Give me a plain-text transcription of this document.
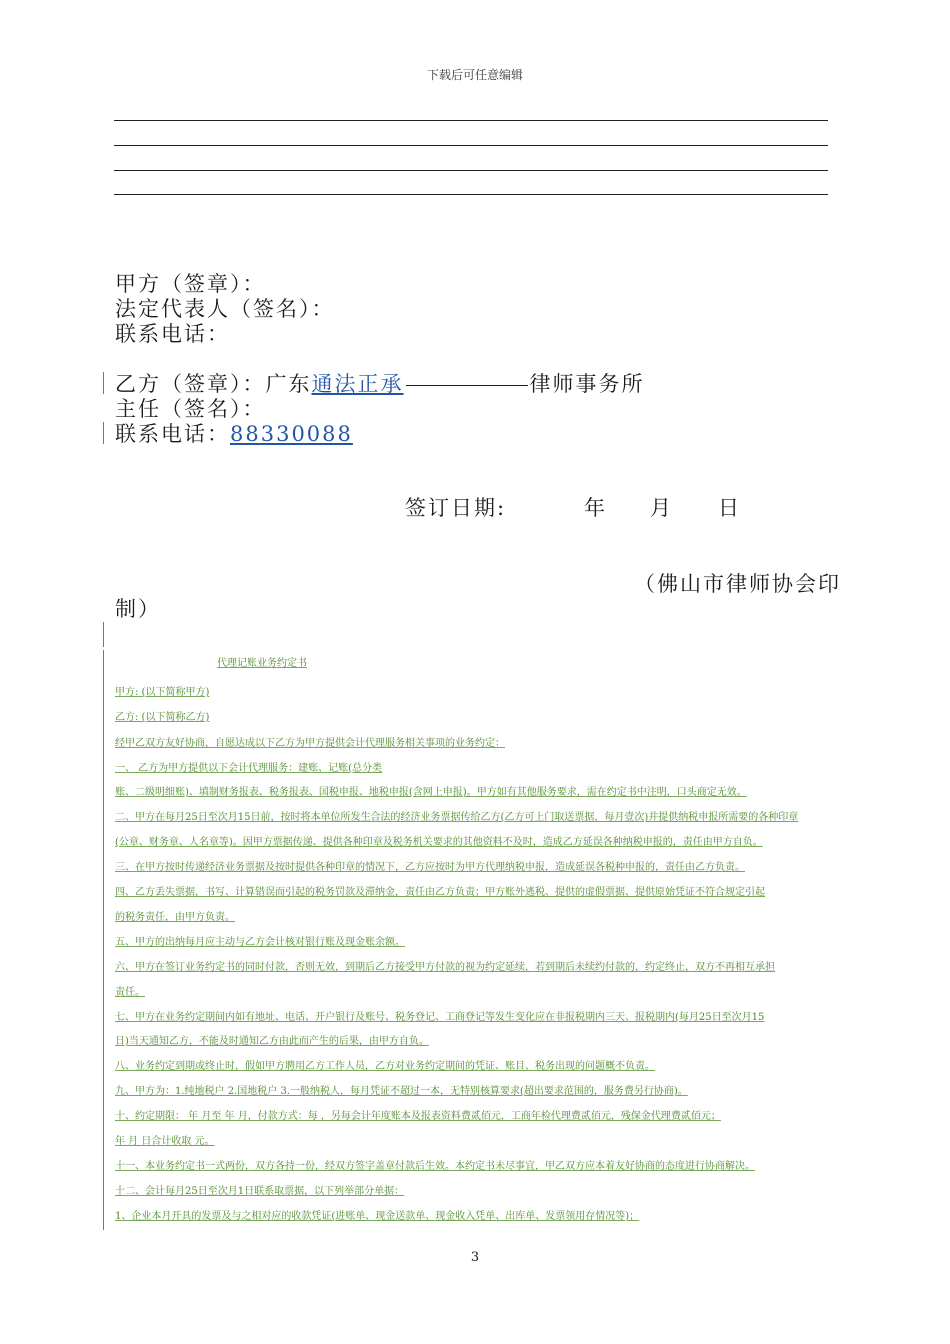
下载后可任意编辑
甲方（签章）：
法定代表人（签名）：
联系电话：
乙方（签章）：广东通法正承	律师事务所
主任（签名）：
联系电话：88330088
签订日期:	年 月 日
（佛山市律师协会印
制）
代理记账业务约定书
甲方: (以下简称甲方)
乙方: (以下简称乙方)
经甲乙双方友好协商，自愿达成以下乙方为甲方提供会计代理服务相关事项的业务约定：
一、 乙方为甲方提供以下会计代理服务：建账、记账(总分类
账、二级明细账)、填制财务报表、税务报表、国税申报、地税申报(含网上申报)。甲方如有其他服务要求，需在约定书中注明，口头商定无效。
二、甲方在每月25日至次月15日前，按时将本单位所发生合法的经济业务票据传给乙方(乙方可上门取送票据，每月壹次)并提供纳税申报所需要的各种印章
(公章、财务章、人名章等)。因甲方票据传递、提供各种印章及税务机关要求的其他资料不及时，造成乙方延误各种纳税申报的，责任由甲方自负。
三、在甲方按时传递经济业务票据及按时提供各种印章的情况下，乙方应按时为甲方代理纳税申报，造成延误各税种申报的，责任由乙方负责。
四、乙方丢失票据，书写、计算错误而引起的税务罚款及滞纳金，责任由乙方负责；甲方账外逃税、提供的虚假票据、提供原始凭证不符合规定引起
的税务责任，由甲方负责。
五、甲方的出纳每月应主动与乙方会计核对银行账及现金账余额。
六、甲方在签订业务约定书的同时付款，否则无效，到期后乙方接受甲方付款的视为约定延续，若到期后未续约付款的，约定终止，双方不再相互承担
责任。
七、甲方在业务约定期间内如有地址、电话、开户银行及账号、税务登记、工商登记等发生变化应在非报税期内三天、报税期内(每月25日至次月15
日)当天通知乙方，不能及时通知乙方由此而产生的后果，由甲方自负。
八、业务约定到期或终止时，假如甲方聘用乙方工作人员，乙方对业务约定期间的凭证、账目、税务出现的问题概不负责。
九、甲方为：1.纯地税户 2.国地税户 3.一般纳税人，每月凭证不超过一本，无特别核算要求(超出要求范围的，服务费另行协商)。
十、约定期限： 年 月至 年 月，付款方式：每 ，另每会计年度账本及报表资料费贰佰元，工商年检代理费贰佰元，残保金代理费贰佰元；
年 月 日合计收取 元。
十一、本业务约定书一式两份，双方各持一份，经双方签字盖章付款后生效。本约定书未尽事宜，甲乙双方应本着友好协商的态度进行协商解决。
十二、会计每月25日至次月1日联系取票据，以下列举部分单据：
1、企业本月开具的发票及与之相对应的收款凭证(进账单、现金送款单、现金收入凭单、出库单、发票领用存情况等)；
3
